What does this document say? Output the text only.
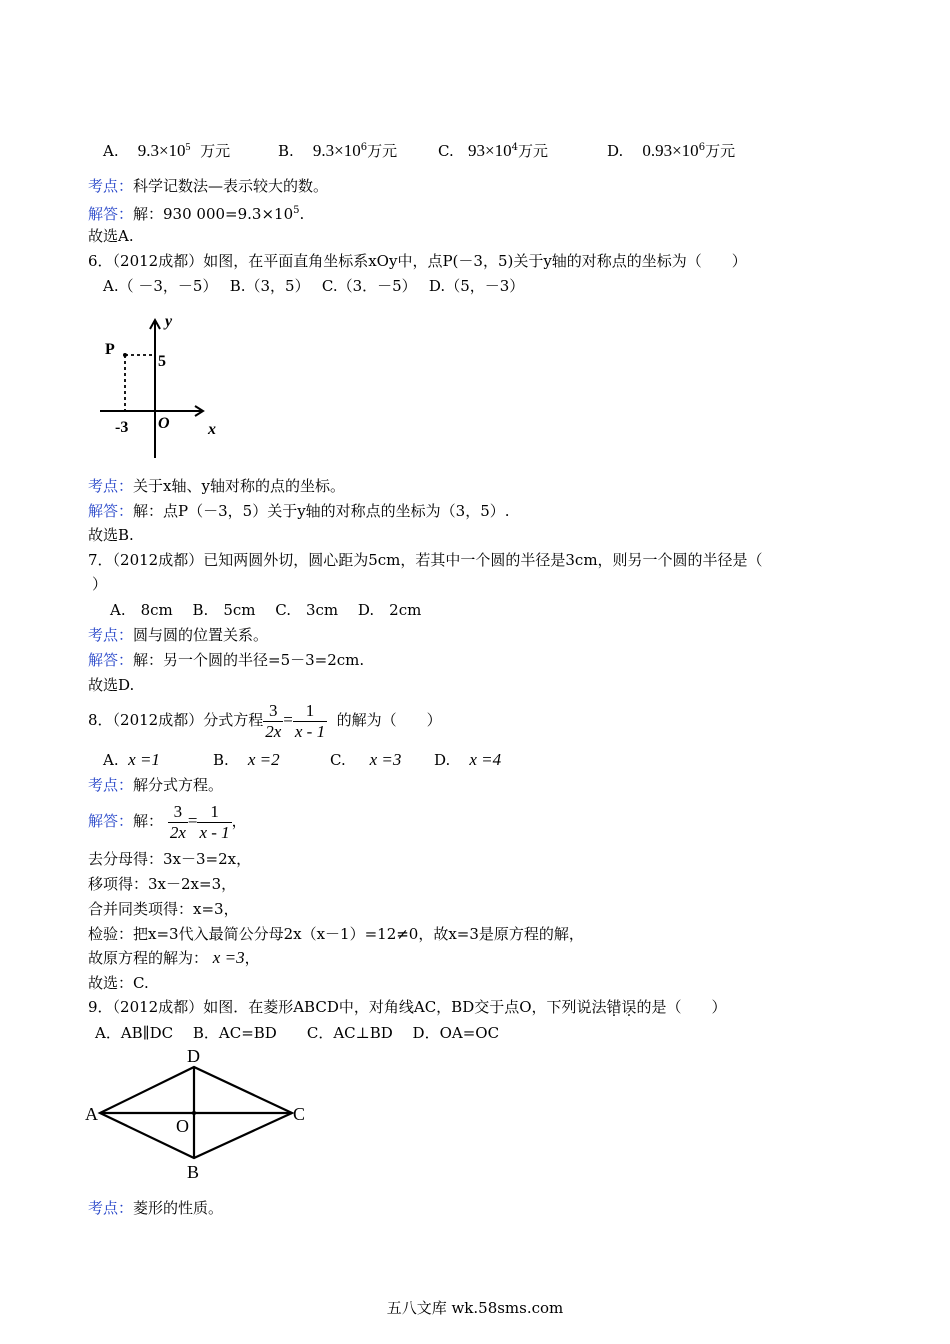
A. $9.3\times 10^5$ 万元	B. $9.3\times 10^6$万元	C. $93\times 10^4$万元	D. $0.93\times 10^6$万元
考点：科学记数法—表示较大的数。
解答：解：930 $000=9.3\times 10^5$.
故选A.
6．（2012成都）如图，在平面直角坐标系xOy中，点P(－3，5)关于y轴的对称点的坐标为（　　）
A.（ －3，－5）　 B.（3，5）　 C.（3．－5）　 D.（5，－3）
P
5
-3 O x
y
考点：关于x轴、y轴对称的点的坐标。
解答：解：点P（－3，5）关于y轴的对称点的坐标为（3，5）.
故选B.
7．（2012成都）已知两圆外切，圆心距为5cm，若其中一个圆的半径是3cm，则另一个圆的半径是（
）
A.　8cm　 B.　5cm　 C.　3cm　 D.　2cm
考点：圆与圆的位置关系。
解答：解：另一个圆的半径=5－3=2cm.
故选D.
8．（2012成都）分式方程 $\frac{3}{2x} = \frac{1}{x - 1}$ 的解为（　　）
A. x =1	B. x =2	C. x =3 D. x =4
考点：解分式方程。
解答：解： $\frac{3}{2x} = \frac{1}{x - 1}$ ，
去分母得：3x－3=2x，
移项得：3x－2x=3，
合并同类项得：x=3，
检验：把x=3代入最简公分母2x（x－1）=12≠0，故x=3是原方程的解，
故原方程的解为： x =3，
故选：C.
9．（2012成都）如图．在菱形ABCD中，对角线AC，BD交于点O，下列说法错误的是（　　）
A．AB∥DC　 B．AC=BD　　C．AC⊥BD　 D．OA=OC
A
D
C
B
O
考点：菱形的性质。
五八文库 wk.58sms.com
